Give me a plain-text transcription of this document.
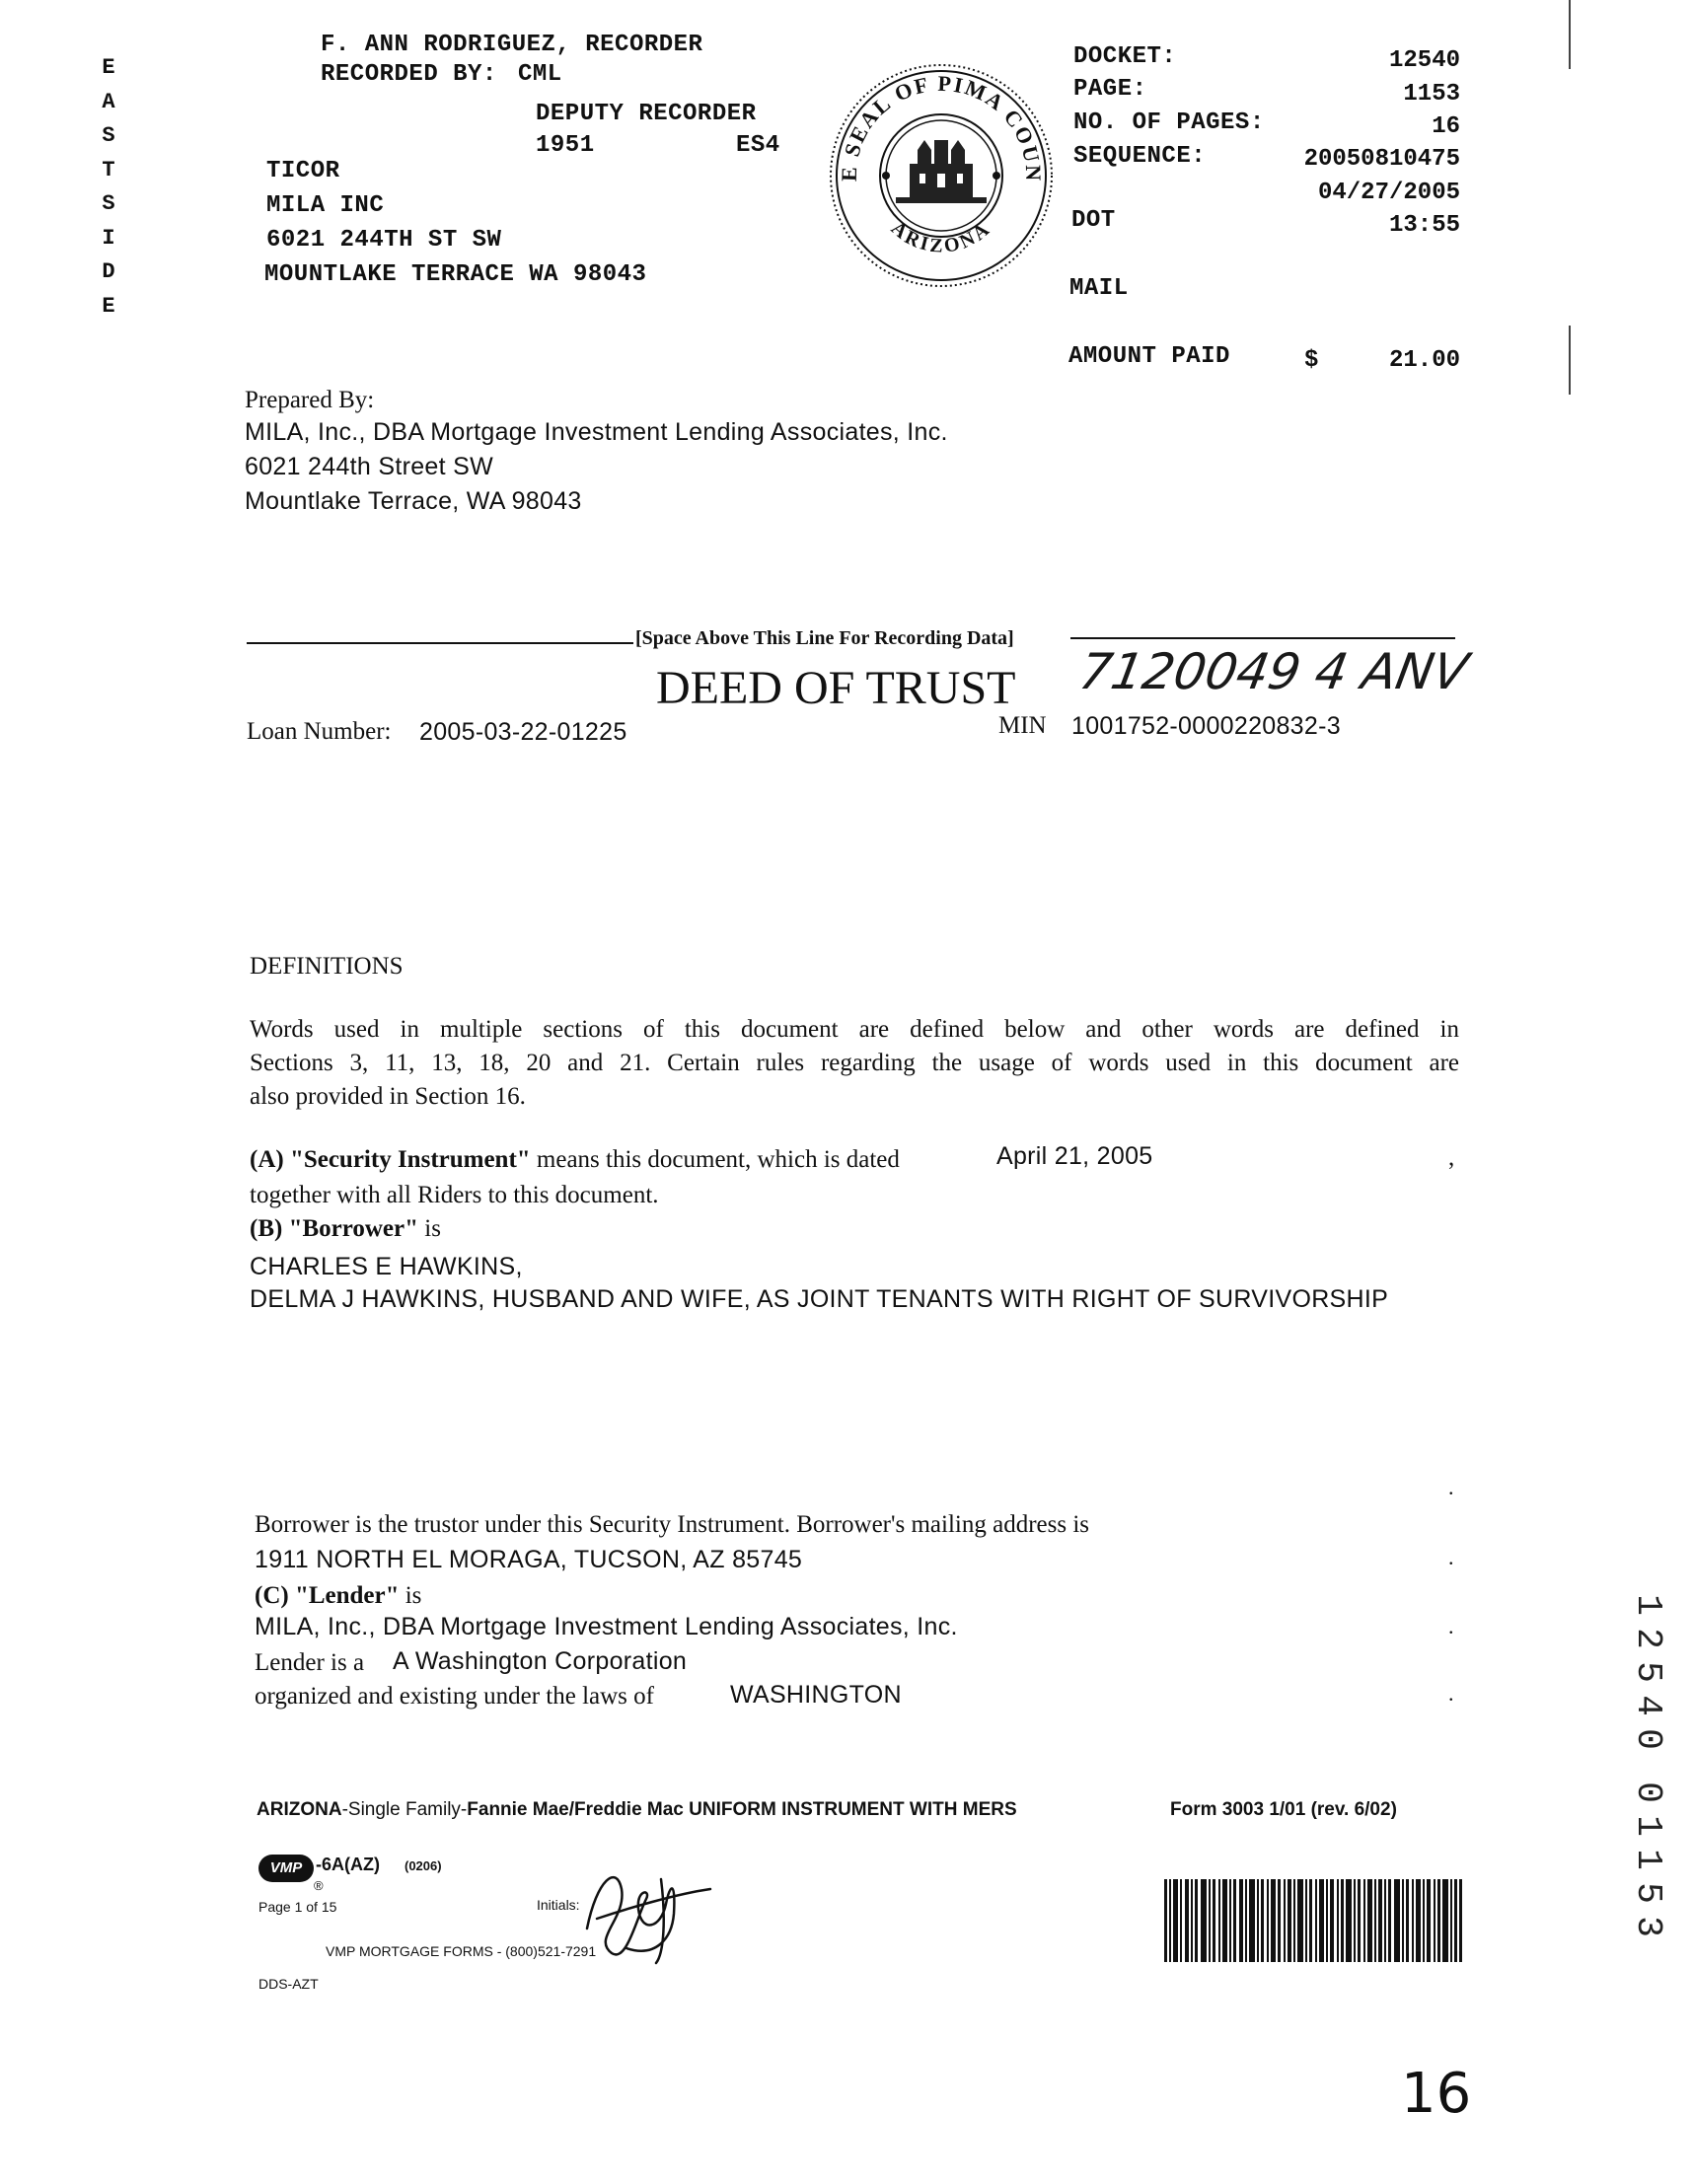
E
A
S
T
S
I
D
E
F. ANN RODRIGUEZ, RECORDER
RECORDED BY: CML
DEPUTY RECORDER
1951	ES4
TICOR
MILA INC
6021 244TH ST SW
MOUNTLAKE TERRACE WA 98043
E SEAL OF PIMA COUN
ARIZONA
DOCKET:	12540
PAGE:	1153
NO. OF PAGES:	16
SEQUENCE:	20050810475
04/27/2005
DOT	13:55
MAIL
AMOUNT PAID	$	21.00
Prepared By:
MILA, Inc., DBA Mortgage Investment Lending Associates, Inc.
6021 244th Street SW
Mountlake Terrace, WA 98043
[Space Above This Line For Recording Data]
DEED OF TRUST 7120049 4 ANV
Loan Number: 2005-03-22-01225	MIN 1001752-0000220832-3
DEFINITIONS
Words used in multiple sections of this document are defined below and other words are defined in
Sections 3, 11, 13, 18, 20 and 21. Certain rules regarding the usage of words used in this document are
also provided in Section 16.
(A) "Security Instrument" means this document, which is dated	April 21, 2005	,
together with all Riders to this document.
(B) "Borrower" is
CHARLES E HAWKINS,
DELMA J HAWKINS, HUSBAND AND WIFE, AS JOINT TENANTS WITH RIGHT OF SURVIVORSHIP
.
Borrower is the trustor under this Security Instrument. Borrower's mailing address is
1911 NORTH EL MORAGA, TUCSON, AZ 85745	.
(C) "Lender" is
MILA, Inc., DBA Mortgage Investment Lending Associates, Inc.	.
Lender is a A Washington Corporation
organized and existing under the laws of	WASHINGTON	.
ARIZONA-Single Family-Fannie Mae/Freddie Mac UNIFORM INSTRUMENT WITH MERS	Form 3003 1/01 (rev. 6/02)
VMP -6A(AZ) (0206)
®
Page 1 of 15	Initials:
VMP MORTGAGE FORMS - (800)521-7291
DDS-AZT
16
1
2
5
4
0
0
1
1
5
3
